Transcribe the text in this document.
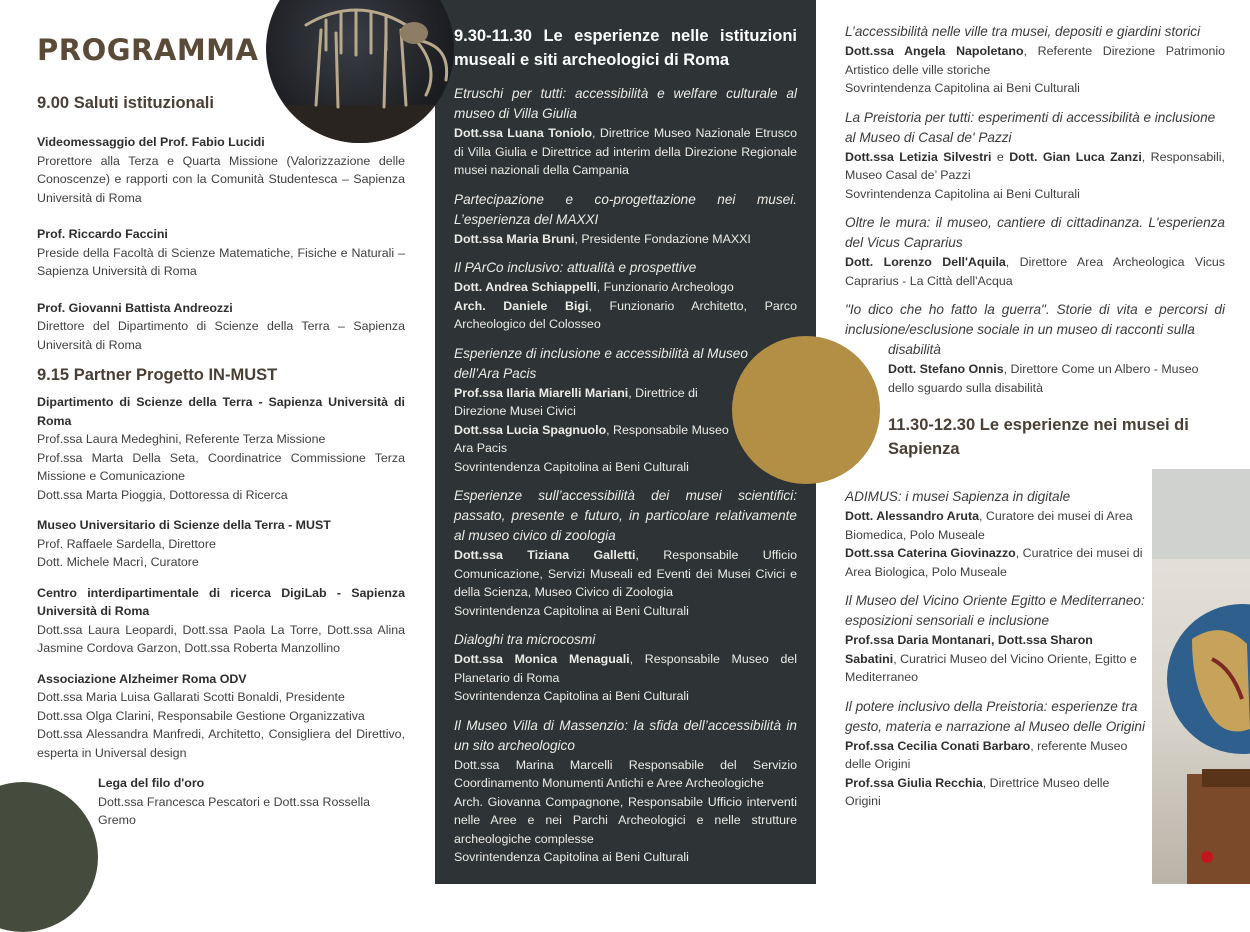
9.30-11.30 Le esperienze nelle istituzioni museali e siti archeologici di Roma

Etruschi per tutti: accessibilità e welfare culturale al museo di Villa Giulia

Dott.ssa Luana Toniolo, Direttrice Museo Nazionale Etrusco di Villa Giulia e Direttrice ad interim della Direzione Regionale musei nazionali della Campania

Partecipazione e co-progettazione nei musei. L’esperienza del MAXXI

Dott.ssa Maria Bruni, Presidente Fondazione MAXXI

Il PArCo inclusivo: attualità e prospettive

Dott. Andrea Schiappelli, Funzionario Archeologo

Arch. Daniele Bigi, Funzionario Architetto, Parco Archeologico del Colosseo

Esperienze di inclusione e accessibilità al Museo dell’Ara Pacis

Prof.ssa Ilaria Miarelli Mariani, Direttrice di Direzione Musei Civici

Dott.ssa Lucia Spagnuolo, Responsabile Museo Ara Pacis

Sovrintendenza Capitolina ai Beni Culturali

Esperienze sull’accessibilità dei musei scientifici: passato, presente e futuro, in particolare relativamente al museo civico di zoologia

Dott.ssa Tiziana Galletti, Responsabile Ufficio Comunicazione, Servizi Museali ed Eventi dei Musei Civici e della Scienza, Museo Civico di Zoologia

Sovrintendenza Capitolina ai Beni Culturali

Dialoghi tra microcosmi

Dott.ssa Monica Menaguali, Responsabile Museo del Planetario di Roma

Sovrintendenza Capitolina ai Beni Culturali

Il Museo Villa di Massenzio: la sfida dell’accessibilità in un sito archeologico

Dott.ssa Marina Marcelli Responsabile del Servizio Coordinamento Monumenti Antichi e Aree Archeologiche

Arch. Giovanna Compagnone, Responsabile Ufficio interventi nelle Aree e nei Parchi Archeologici e nelle strutture archeologiche complesse

Sovrintendenza Capitolina ai Beni Culturali

PROGRAMMA
9.00 Saluti istituzionali

Videomessaggio del Prof. Fabio Lucidi

Prorettore alla Terza e Quarta Missione (Valorizzazione delle Conoscenze) e rapporti con la Comunità Studentesca – Sapienza Università di Roma

Prof. Riccardo Faccini

Preside della Facoltà di Scienze Matematiche, Fisiche e Naturali – Sapienza Università di Roma

Prof. Giovanni Battista Andreozzi

Direttore del Dipartimento di Scienze della Terra – Sapienza Università di Roma

9.15 Partner Progetto IN-MUST

Dipartimento di Scienze della Terra - Sapienza Università di Roma

Prof.ssa Laura Medeghini, Referente Terza Missione

Prof.ssa Marta Della Seta, Coordinatrice Commissione Terza Missione e Comunicazione

Dott.ssa Marta Pioggia, Dottoressa di Ricerca

Museo Universitario di Scienze della Terra - MUST

Prof. Raffaele Sardella, Direttore

Dott. Michele Macrì, Curatore

Centro interdipartimentale di ricerca DigiLab - Sapienza Università di Roma

Dott.ssa Laura Leopardi, Dott.ssa Paola La Torre, Dott.ssa Alina Jasmine Cordova Garzon, Dott.ssa Roberta Manzollino

Associazione Alzheimer Roma ODV

Dott.ssa Maria Luisa Gallarati Scotti Bonaldi, Presidente

Dott.ssa Olga Clarini, Responsabile Gestione Organizzativa

Dott.ssa Alessandra Manfredi, Architetto, Consigliera del Direttivo, esperta in Universal design

Lega del filo d'oro

Dott.ssa Francesca Pescatori e Dott.ssa Rossella Gremo

L’accessibilità nelle ville tra musei, depositi e giardini storici

Dott.ssa Angela Napoletano, Referente Direzione Patrimonio Artistico delle ville storiche

Sovrintendenza Capitolina ai Beni Culturali

La Preistoria per tutti: esperimenti di accessibilità e inclusione al Museo di Casal de' Pazzi

Dott.ssa Letizia Silvestri e Dott. Gian Luca Zanzi, Responsabili, Museo Casal de’ Pazzi

Sovrintendenza Capitolina ai Beni Culturali

Oltre le mura: il museo, cantiere di cittadinanza. L'esperienza del Vicus Caprarius

Dott. Lorenzo Dell'Aquila, Direttore Area Archeologica Vicus Caprarius - La Città dell'Acqua

"Io dico che ho fatto la guerra". Storie di vita e percorsi di inclusione/esclusione sociale in un museo di racconti sulla

disabilità

Dott. Stefano Onnis, Direttore Come un Albero - Museo dello sguardo sulla disabilità

11.30-12.30 Le esperienze nei musei di Sapienza

ADIMUS: i musei Sapienza in digitale

Dott. Alessandro Aruta, Curatore dei musei di Area Biomedica, Polo Museale

Dott.ssa Caterina Giovinazzo, Curatrice dei musei di Area Biologica, Polo Museale

Il Museo del Vicino Oriente Egitto e Mediterraneo: esposizioni sensoriali e inclusione

Prof.ssa Daria Montanari, Dott.ssa Sharon

Sabatini, Curatrici Museo del Vicino Oriente, Egitto e Mediterraneo

Il potere inclusivo della Preistoria: esperienze tra gesto, materia e narrazione al Museo delle Origini

Prof.ssa Cecilia Conati Barbaro, referente Museo delle Origini

Prof.ssa Giulia Recchia, Direttrice Museo delle Origini
